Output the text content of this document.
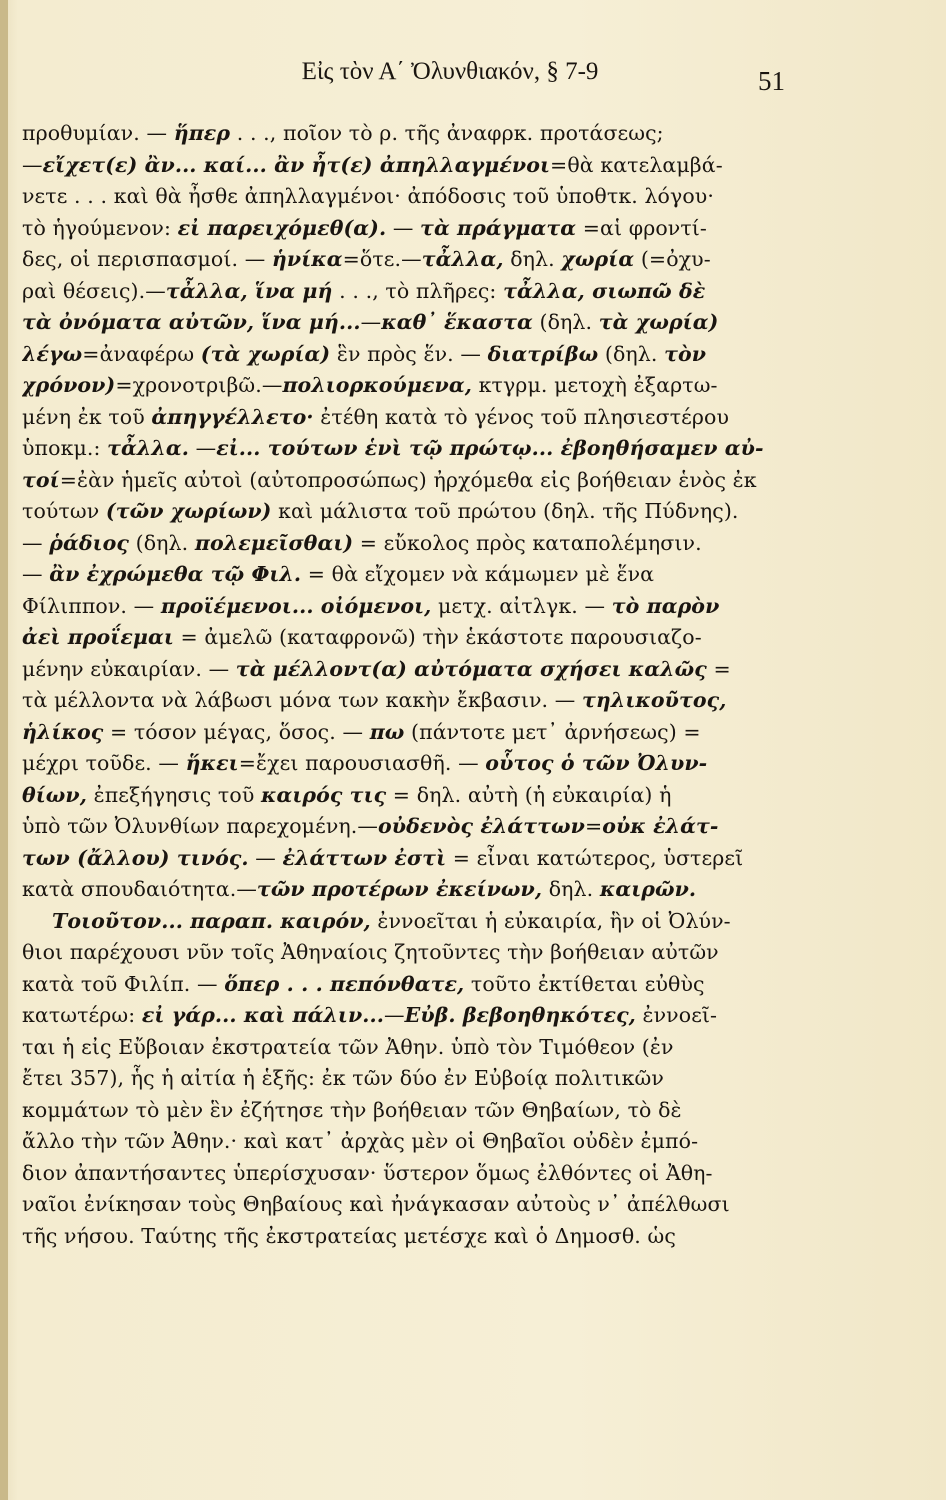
Εἰς τὸν Α΄ Ὀλυνθιακόν, § 7-9	51
προθυμίαν. — ἥπερ . . ., ποῖον τὸ ρ. τῆς ἀναφρκ. προτάσεως;
—εἴχετ(ε) ἂν... καί... ἂν ἦτ(ε) ἀπηλλαγμένοι=θὰ κατελαμβά-
νετε . . . καὶ θὰ ἦσθε ἀπηλλαγμένοι· ἀπόδοσις τοῦ ὑποθτκ. λόγου·
τὸ ἡγούμενον: εἰ παρειχόμεθ(α). — τὰ πράγματα =αἱ φροντί-
δες, οἱ περισπασμοί. — ἡνίκα=ὅτε.—τἆλλα, δηλ. χωρία (=ὀχυ-
ραὶ θέσεις).—τἆλλα, ἵνα μή . . ., τὸ πλῆρες: τἆλλα, σιωπῶ δὲ
τὰ ὀνόματα αὐτῶν, ἵνα μή...—καθ᾽ ἕκαστα (δηλ. τὰ χωρία)
λέγω=ἀναφέρω (τὰ χωρία) ἓν πρὸς ἕν. — διατρίβω (δηλ. τὸν
χρόνον)=χρονοτριβῶ.—πολιορκούμενα, κτγρμ. μετοχὴ ἐξαρτω-
μένη ἐκ τοῦ ἀπηγγέλλετο· ἐτέθη κατὰ τὸ γένος τοῦ πλησιεστέρου
ὑποκμ.: τἆλλα. —εἰ... τούτων ἑνὶ τῷ πρώτῳ... ἐβοηθήσαμεν αὐ-
τοί=ἐὰν ἡμεῖς αὐτοὶ (αὐτοπροσώπως) ἠρχόμεθα εἰς βοήθειαν ἑνὸς ἐκ
τούτων (τῶν χωρίων) καὶ μάλιστα τοῦ πρώτου (δηλ. τῆς Πύδνης).
— ῥάδιος (δηλ. πολεμεῖσθαι) = εὔκολος πρὸς καταπολέμησιν.
— ἂν ἐχρώμεθα τῷ Φιλ. = θὰ εἴχομεν νὰ κάμωμεν μὲ ἕνα
Φίλιππον. — προϊέμενοι... οἰόμενοι, μετχ. αἰτλγκ. — τὸ παρὸν
ἀεὶ προΐεμαι = ἀμελῶ (καταφρονῶ) τὴν ἑκάστοτε παρουσιαζο-
μένην εὐκαιρίαν. — τὰ μέλλοντ(α) αὐτόματα σχήσει καλῶς =
τὰ μέλλοντα νὰ λάβωσι μόνα των κακὴν ἔκβασιν. — τηλικοῦτος,
ἡλίκος = τόσον μέγας, ὅσος. — πω (πάντοτε μετ᾽ ἀρνήσεως) =
μέχρι τοῦδε. — ἥκει=ἔχει παρουσιασθῆ. — οὗτος ὁ τῶν Ὀλυν-
θίων, ἐπεξήγησις τοῦ καιρός τις = δηλ. αὐτὴ (ἡ εὐκαιρία) ἡ
ὑπὸ τῶν Ὀλυνθίων παρεχομένη.—οὐδενὸς ἐλάττων=οὐκ ἐλάτ-
των (ἄλλου) τινός. — ἐλάττων ἐστὶ = εἶναι κατώτερος, ὑστερεῖ
κατὰ σπουδαιότητα.—τῶν προτέρων ἐκείνων, δηλ. καιρῶν.
Τοιοῦτον... παραπ. καιρόν, ἐννοεῖται ἡ εὐκαιρία, ἣν οἱ Ὀλύν-
θιοι παρέχουσι νῦν τοῖς Ἀθηναίοις ζητοῦντες τὴν βοήθειαν αὐτῶν
κατὰ τοῦ Φιλίπ. — ὅπερ . . . πεπόνθατε, τοῦτο ἐκτίθεται εὐθὺς
κατωτέρω: εἰ γάρ... καὶ πάλιν...—Εὐβ. βεβοηθηκότες, ἐννοεῖ-
ται ἡ εἰς Εὔβοιαν ἐκστρατεία τῶν Ἀθην. ὑπὸ τὸν Τιμόθεον (ἐν
ἔτει 357), ἧς ἡ αἰτία ἡ ἑξῆς: ἐκ τῶν δύο ἐν Εὐβοίᾳ πολιτικῶν
κομμάτων τὸ μὲν ἓν ἐζήτησε τὴν βοήθειαν τῶν Θηβαίων, τὸ δὲ
ἄλλο τὴν τῶν Ἀθην.· καὶ κατ᾽ ἀρχὰς μὲν οἱ Θηβαῖοι οὐδὲν ἐμπό-
διον ἀπαντήσαντες ὑπερίσχυσαν· ὕστερον ὅμως ἐλθόντες οἱ Ἀθη-
ναῖοι ἐνίκησαν τοὺς Θηβαίους καὶ ἠνάγκασαν αὐτοὺς ν᾽ ἀπέλθωσι
τῆς νήσου. Ταύτης τῆς ἐκστρατείας μετέσχε καὶ ὁ Δημοσθ. ὡς
